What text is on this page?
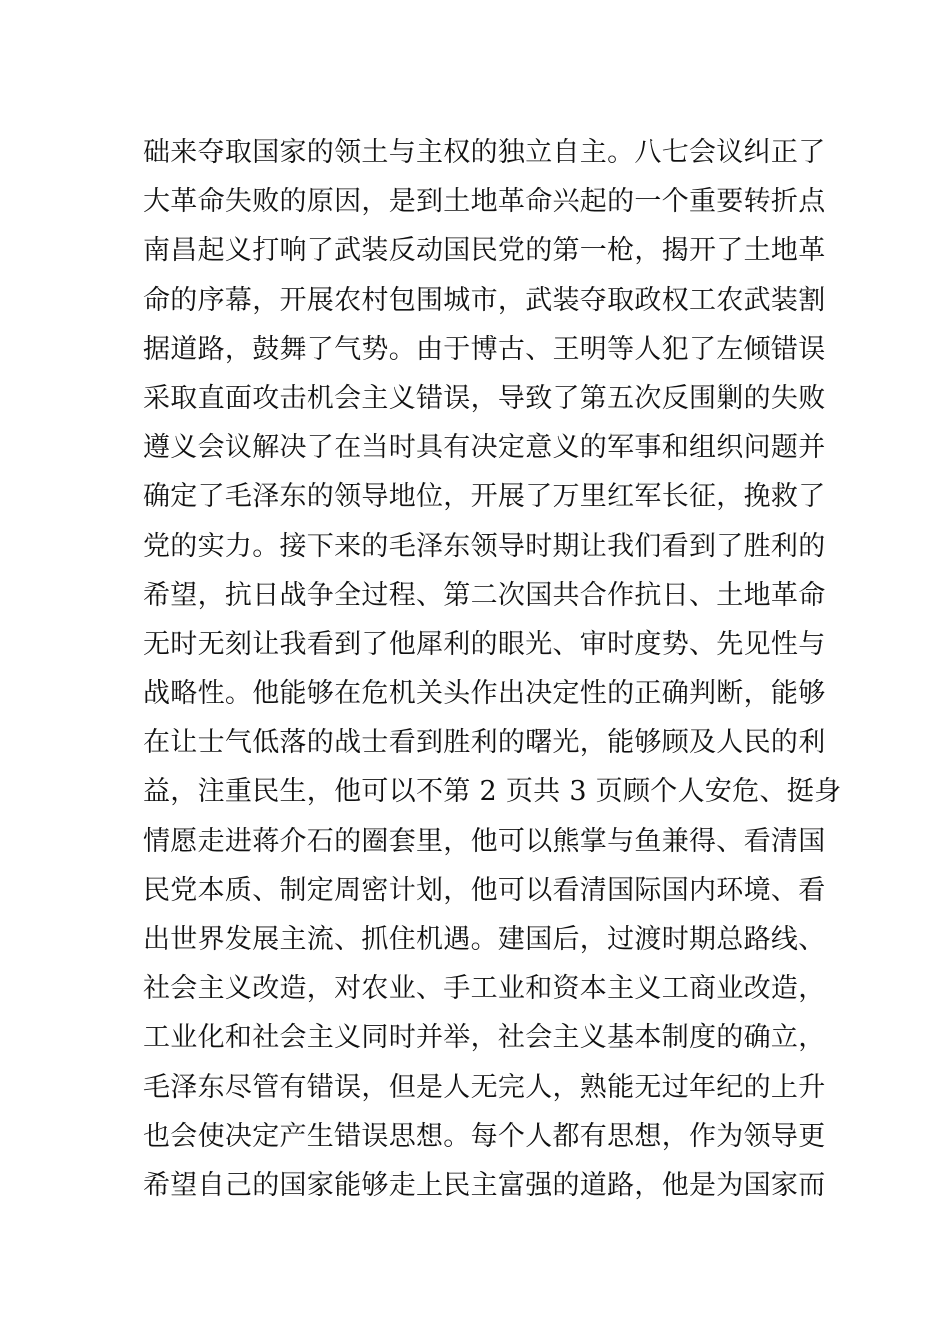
础来夺取国家的领土与主权的独立自主。八七会议纠正了
大革命失败的原因，是到土地革命兴起的一个重要转折点
南昌起义打响了武装反动国民党的第一枪，揭开了土地革
命的序幕，开展农村包围城市，武装夺取政权工农武装割
据道路，鼓舞了气势。由于博古、王明等人犯了左倾错误
采取直面攻击机会主义错误，导致了第五次反围剿的失败
遵义会议解决了在当时具有决定意义的军事和组织问题并
确定了毛泽东的领导地位，开展了万里红军长征，挽救了
党的实力。接下来的毛泽东领导时期让我们看到了胜利的
希望，抗日战争全过程、第二次国共合作抗日、土地革命
无时无刻让我看到了他犀利的眼光、审时度势、先见性与
战略性。他能够在危机关头作出决定性的正确判断，能够
在让士气低落的战士看到胜利的曙光，能够顾及人民的利
益，注重民生，他可以不第 2 页共 3 页顾个人安危、挺身
情愿走进蒋介石的圈套里，他可以熊掌与鱼兼得、看清国
民党本质、制定周密计划，他可以看清国际国内环境、看
出世界发展主流、抓住机遇。建国后，过渡时期总路线、
社会主义改造，对农业、手工业和资本主义工商业改造，
工业化和社会主义同时并举，社会主义基本制度的确立，
毛泽东尽管有错误，但是人无完人，熟能无过年纪的上升
也会使决定产生错误思想。每个人都有思想，作为领导更
希望自己的国家能够走上民主富强的道路，他是为国家而
